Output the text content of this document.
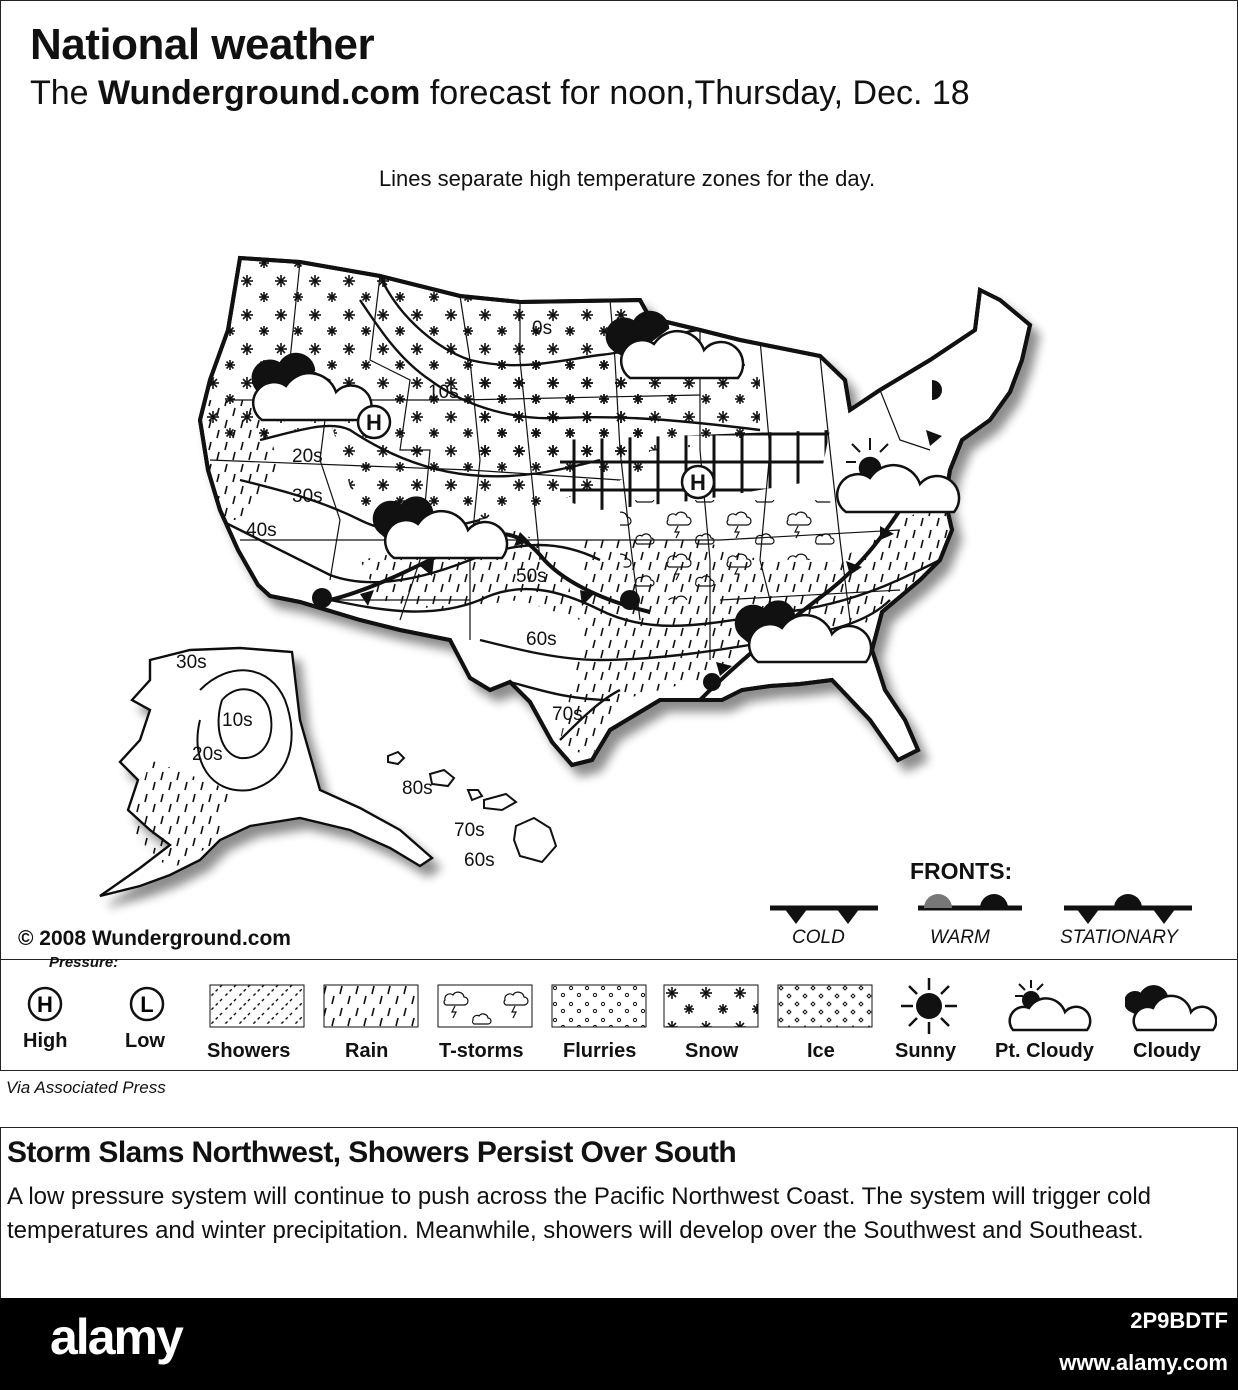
National weather
The Wunderground.com forecast for noon,Thursday, Dec. 18
Lines separate high temperature zones for the day.
H
H
0s
10s
20s
30s
40s
50s
60s
70s
30s
10s
20s
80s
70s
60s
© 2008 Wunderground.com
FRONTS:
COLD	WARM	STATIONARY
Pressure:
H
High
L
Low Showers	Rain	T-storms Flurries Snow	Ice	Sunny Pt. Cloudy Cloudy
Via Associated Press
Storm Slams Northwest, Showers Persist Over South
A low pressure system will continue to push across the Pacific Northwest Coast. The system will trigger cold temperatures and winter precipitation. Meanwhile, showers will develop over the Southwest and Southeast.
alamy	2P9BDTF
www.alamy.com
